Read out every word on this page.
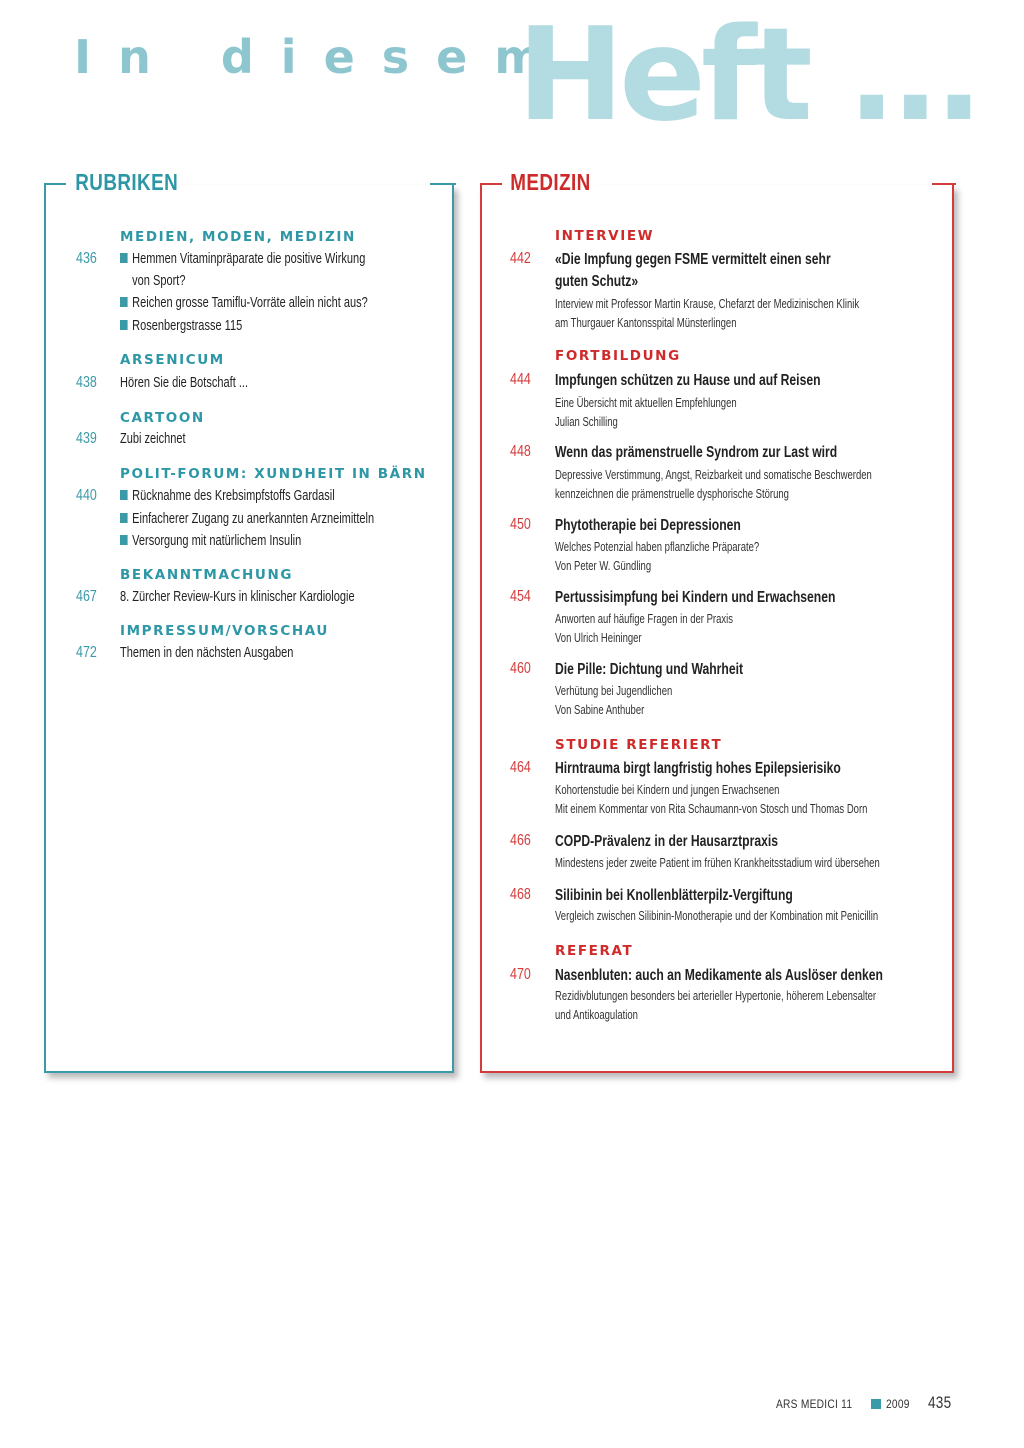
In diesem
Heft ...
RUBRIKEN
MEDIEN, MODEN, MEDIZIN
436	Hemmen Vitaminpräparate die positive Wirkung
von Sport?
Reichen grosse Tamiflu-Vorräte allein nicht aus?
Rosenbergstrasse 115
ARSENICUM
438 Hören Sie die Botschaft ...
CARTOON
439 Zubi zeichnet
POLIT-FORUM: XUNDHEIT IN BÄRN
440	Rücknahme des Krebsimpfstoffs Gardasil
Einfacherer Zugang zu anerkannten Arzneimitteln
Versorgung mit natürlichem Insulin
BEKANNTMACHUNG
467 8. Zürcher Review-Kurs in klinischer Kardiologie
IMPRESSUM/VORSCHAU
472 Themen in den nächsten Ausgaben
MEDIZIN
INTERVIEW
442 «Die Impfung gegen FSME vermittelt einen sehr
guten Schutz»
Interview mit Professor Martin Krause, Chefarzt der Medizinischen Klinik
am Thurgauer Kantonsspital Münsterlingen
FORTBILDUNG
444 Impfungen schützen zu Hause und auf Reisen
Eine Übersicht mit aktuellen Empfehlungen
Julian Schilling
448 Wenn das prämenstruelle Syndrom zur Last wird
Depressive Verstimmung, Angst, Reizbarkeit und somatische Beschwerden
kennzeichnen die prämenstruelle dysphorische Störung
450 Phytotherapie bei Depressionen
Welches Potenzial haben pflanzliche Präparate?
Von Peter W. Gündling
454 Pertussisimpfung bei Kindern und Erwachsenen
Anworten auf häufige Fragen in der Praxis
Von Ulrich Heininger
460 Die Pille: Dichtung und Wahrheit
Verhütung bei Jugendlichen
Von Sabine Anthuber
STUDIE REFERIERT
464 Hirntrauma birgt langfristig hohes Epilepsierisiko
Kohortenstudie bei Kindern und jungen Erwachsenen
Mit einem Kommentar von Rita Schaumann-von Stosch und Thomas Dorn
466 COPD-Prävalenz in der Hausarztpraxis
Mindestens jeder zweite Patient im frühen Krankheitsstadium wird übersehen
468 Silibinin bei Knollenblätterpilz-Vergiftung
Vergleich zwischen Silibinin-Monotherapie und der Kombination mit Penicillin
REFERAT
470 Nasenbluten: auch an Medikamente als Auslöser denken
Rezidivblutungen besonders bei arterieller Hypertonie, höherem Lebensalter
und Antikoagulation
ARS MEDICI 11	2009 435
